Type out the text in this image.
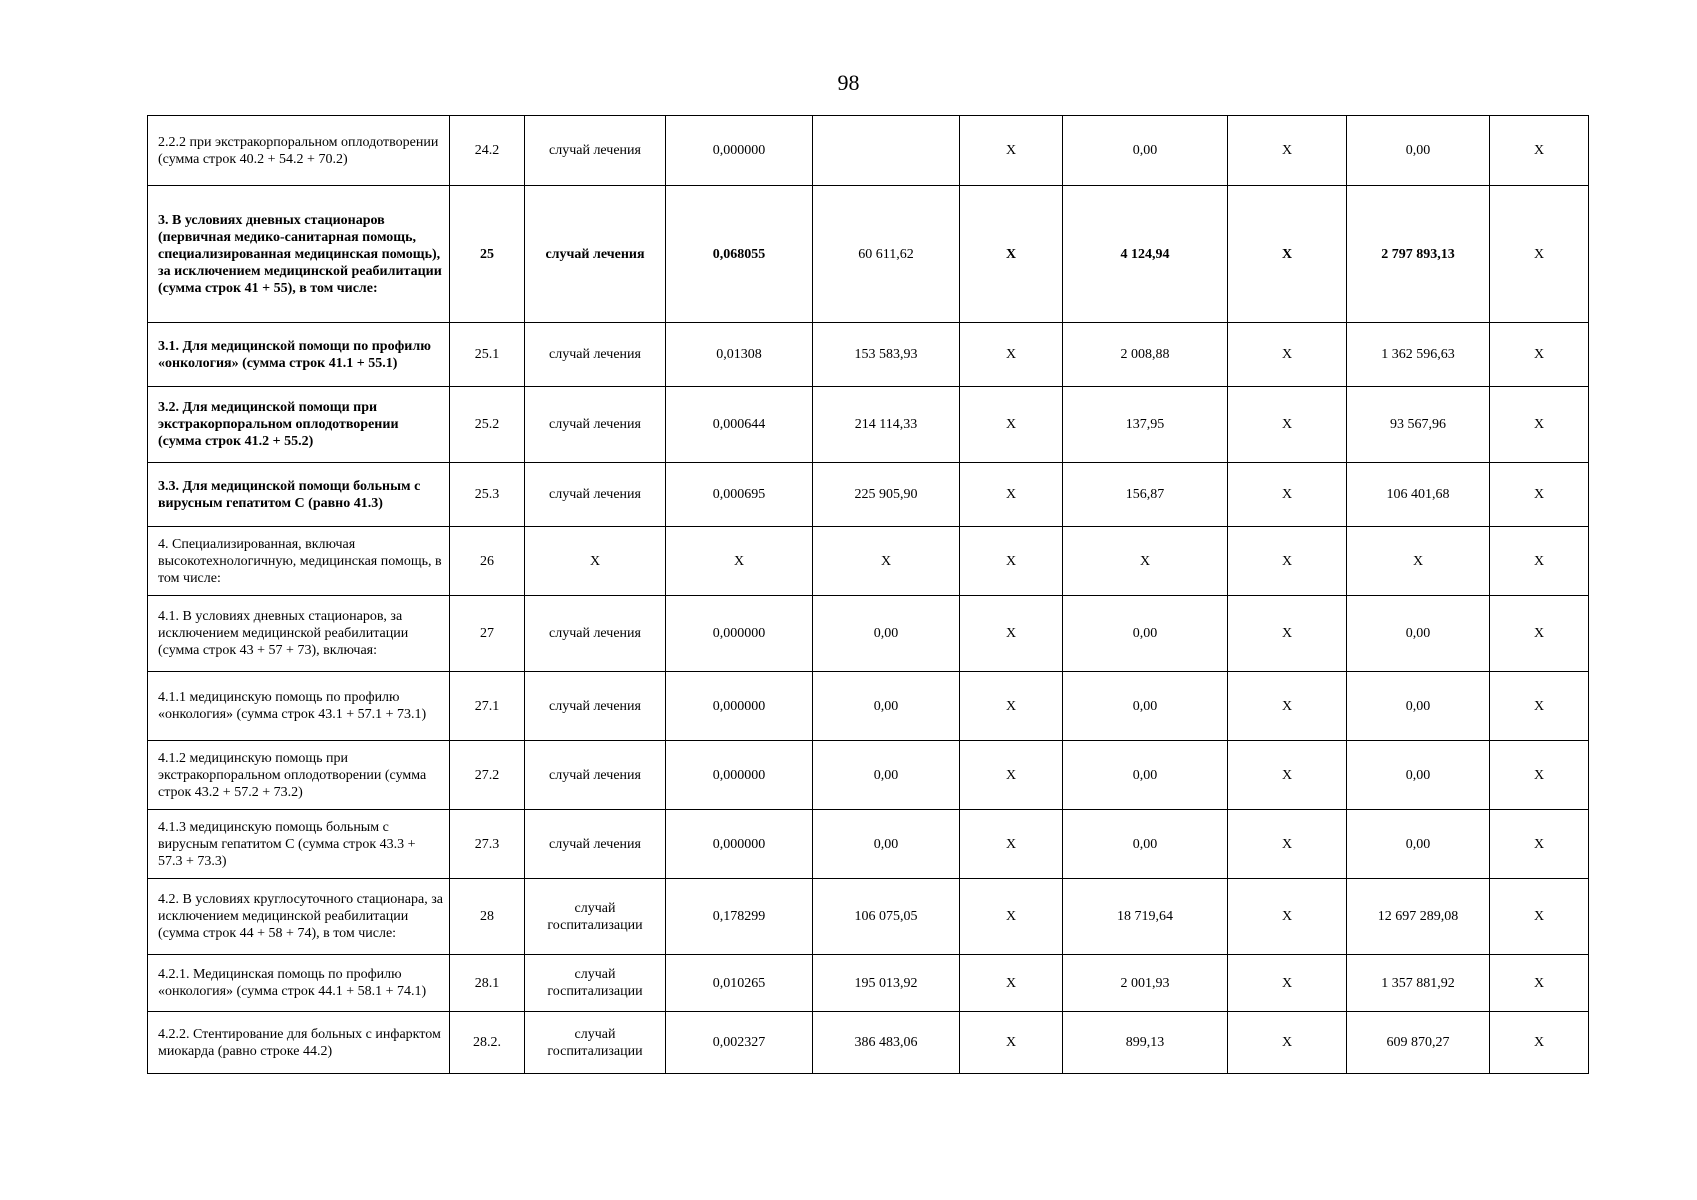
98
2.2.2 при экстракорпоральном оплодотворении (сумма строк 40.2 + 54.2 + 70.2)	24.2	случай лечения	0,000000		X	0,00	X	0,00	X
3. В условиях дневных стационаров (первичная медико-санитарная помощь, специализированная медицинская помощь), за исключением медицинской реабилитации (сумма строк 41 + 55), в том числе:	25	случай лечения	0,068055	60 611,62	X	4 124,94	X	2 797 893,13	X
3.1. Для медицинской помощи по профилю «онкология» (сумма строк 41.1 + 55.1)	25.1	случай лечения	0,01308	153 583,93	X	2 008,88	X	1 362 596,63	X
3.2. Для медицинской помощи при экстракорпоральном оплодотворении (сумма строк 41.2 + 55.2)	25.2	случай лечения	0,000644	214 114,33	X	137,95	X	93 567,96	X
3.3. Для медицинской помощи больным с вирусным гепатитом С (равно 41.3)	25.3	случай лечения	0,000695	225 905,90	X	156,87	X	106 401,68	X
4. Специализированная, включая высокотехнологичную, медицинская помощь, в том числе:	26	X	X	X	X	X	X	X	X
4.1. В условиях дневных стационаров, за исключением медицинской реабилитации (сумма строк 43 + 57 + 73), включая:	27	случай лечения	0,000000	0,00	X	0,00	X	0,00	X
4.1.1 медицинскую помощь по профилю «онкология» (сумма строк 43.1 + 57.1 + 73.1)	27.1	случай лечения	0,000000	0,00	X	0,00	X	0,00	X
4.1.2 медицинскую помощь при экстракорпоральном оплодотворении (сумма строк 43.2 + 57.2 + 73.2)	27.2	случай лечения	0,000000	0,00	X	0,00	X	0,00	X
4.1.3 медицинскую помощь больным с вирусным гепатитом С (сумма строк 43.3 + 57.3 + 73.3)	27.3	случай лечения	0,000000	0,00	X	0,00	X	0,00	X
4.2. В условиях круглосуточного стационара, за исключением медицинской реабилитации (сумма строк 44 + 58 + 74), в том числе:	28	случай госпитализации	0,178299	106 075,05	X	18 719,64	X	12 697 289,08	X
4.2.1. Медицинская помощь по профилю «онкология» (сумма строк 44.1 + 58.1 + 74.1)	28.1	случай госпитализации	0,010265	195 013,92	X	2 001,93	X	1 357 881,92	X
4.2.2. Стентирование для больных с инфарктом миокарда (равно строке 44.2)	28.2.	случай госпитализации	0,002327	386 483,06	X	899,13	X	609 870,27	X
